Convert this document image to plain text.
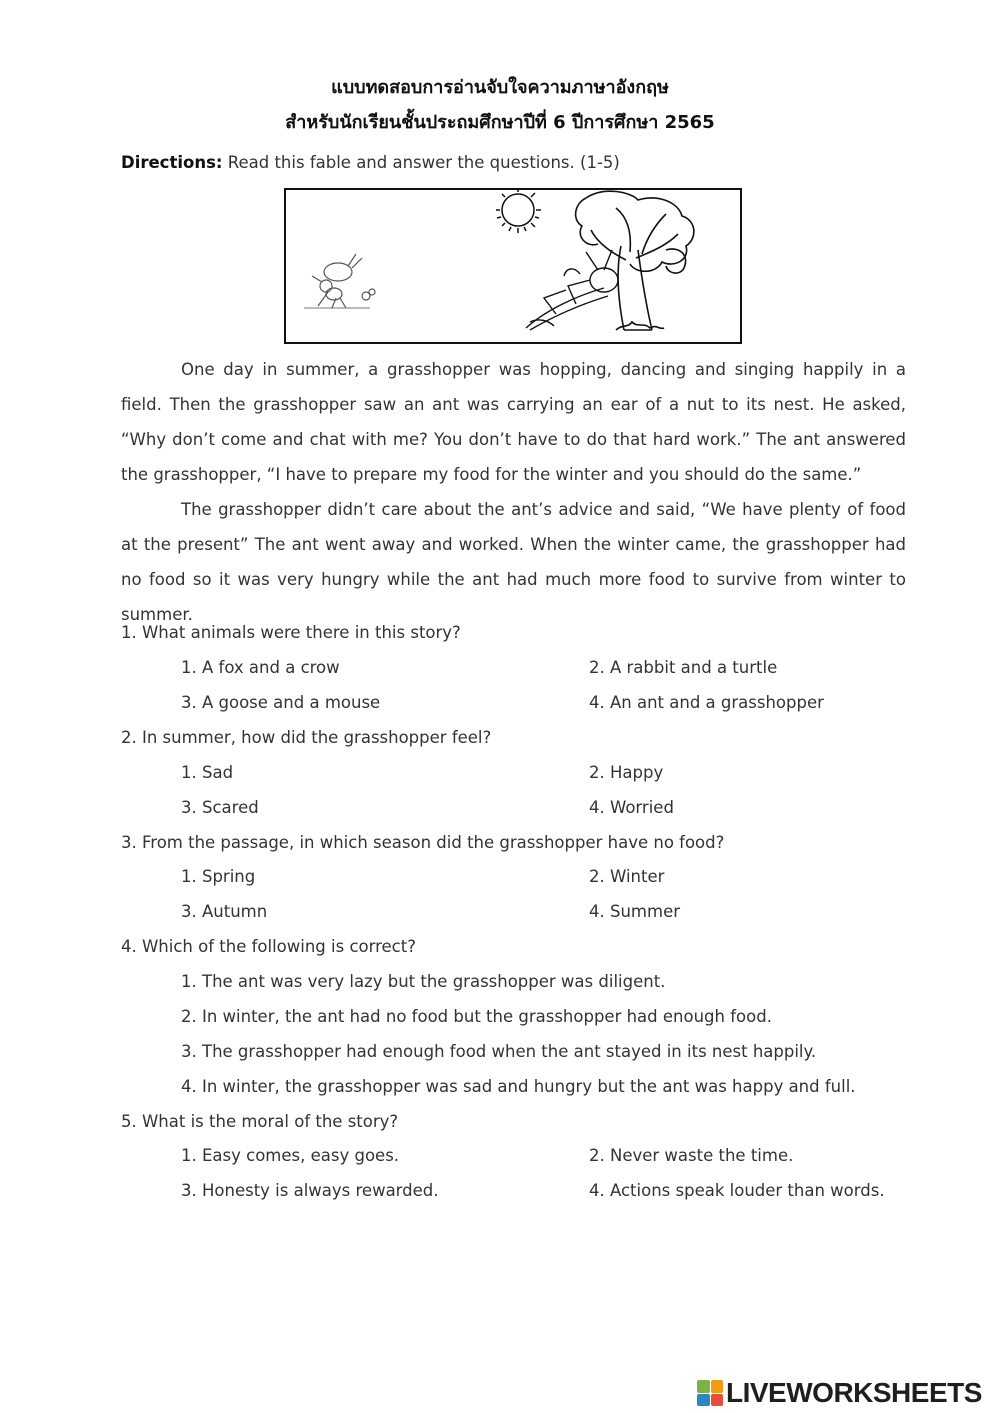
แบบทดสอบการอ่านจับใจความภาษาอังกฤษ
สำหรับนักเรียนชั้นประถมศึกษาปีที่ 6 ปีการศึกษา 2565
Directions: Read this fable and answer the questions. (1-5)

One day in summer, a grasshopper was hopping, dancing and singing happily in a field. Then the grasshopper saw an ant was carrying an ear of a nut to its nest. He asked, “Why don’t come and chat with me? You don’t have to do that hard work.” The ant answered the grasshopper, “I have to prepare my food for the winter and you should do the same.”

The grasshopper didn’t care about the ant’s advice and said, “We have plenty of food at the present” The ant went away and worked. When the winter came, the grasshopper had no food so it was very hungry while the ant had much more food to survive from winter to summer.

1. What animals were there in this story?
1. A fox and a crow	2. A rabbit and a turtle
3. A goose and a mouse	4. An ant and a grasshopper
2. In summer, how did the grasshopper feel?
1. Sad	2. Happy
3. Scared	4. Worried
3. From the passage, in which season did the grasshopper have no food?
1. Spring	2. Winter
3. Autumn	4. Summer
4. Which of the following is correct?
1. The ant was very lazy but the grasshopper was diligent.
2. In winter, the ant had no food but the grasshopper had enough food.
3. The grasshopper had enough food when the ant stayed in its nest happily.
4. In winter, the grasshopper was sad and hungry but the ant was happy and full.
5. What is the moral of the story?
1. Easy comes, easy goes.	2. Never waste the time.
3. Honesty is always rewarded.	4. Actions speak louder than words.
LIVEWORKSHEETS
